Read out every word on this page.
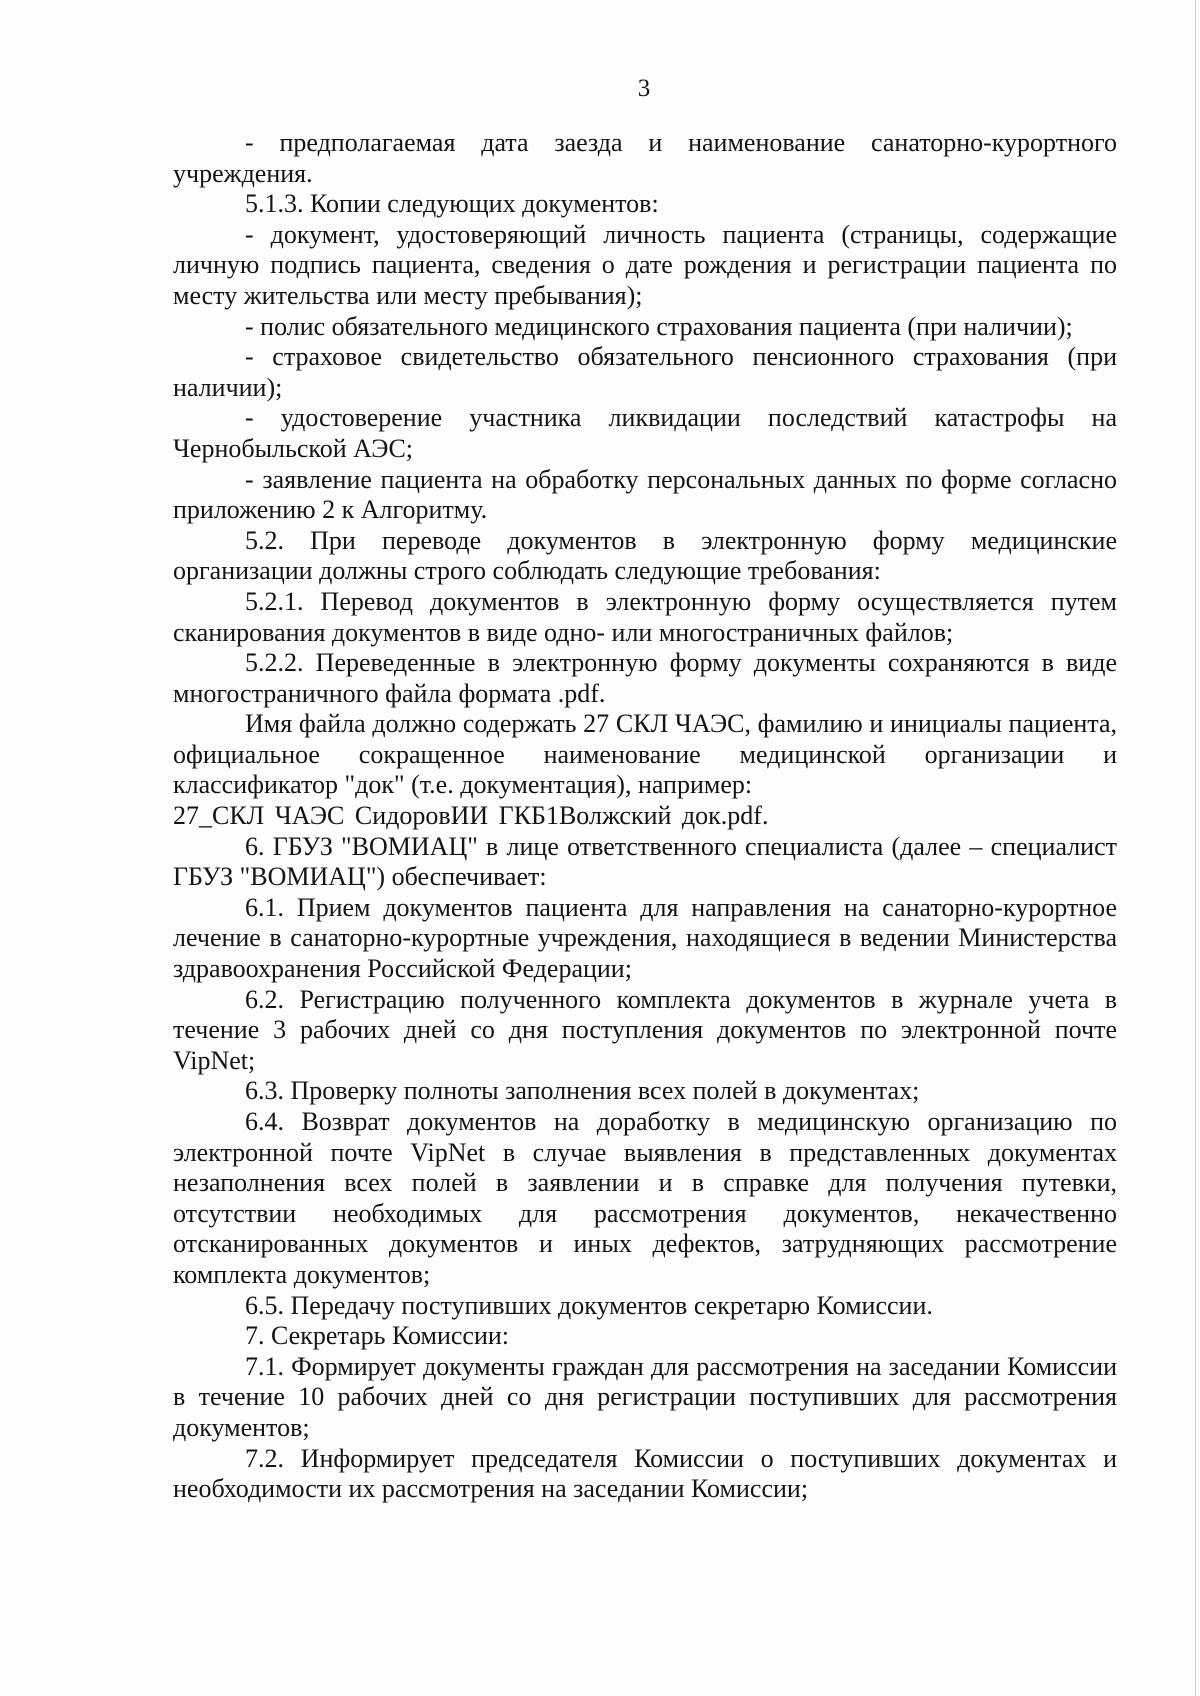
3

- предполагаемая дата заезда и наименование санаторно-курортного учреждения.

5.1.3. Копии следующих документов:

- документ, удостоверяющий личность пациента (страницы, содержащие личную подпись пациента, сведения о дате рождения и регистрации пациента по месту жительства или месту пребывания);

- полис обязательного медицинского страхования пациента (при наличии);

- страховое свидетельство обязательного пенсионного страхования (при наличии);

- удостоверение участника ликвидации последствий катастрофы на Чернобыльской АЭС;

- заявление пациента на обработку персональных данных по форме согласно приложению 2 к Алгоритму.

5.2. При переводе документов в электронную форму медицинские организации должны строго соблюдать следующие требования:

5.2.1. Перевод документов в электронную форму осуществляется путем сканирования документов в виде одно- или многостраничных файлов;

5.2.2. Переведенные в электронную форму документы сохраняются в виде многостраничного файла формата .pdf.

Имя файла должно содержать 27 СКЛ ЧАЭС, фамилию и инициалы пациента, официальное сокращенное наименование медицинской организации и классификатор "док" (т.е. документация), например:

27_СКЛ ЧАЭС СидоровИИ ГКБ1Волжский док.pdf.

6. ГБУЗ "ВОМИАЦ" в лице ответственного специалиста (далее – специалист ГБУЗ "ВОМИАЦ") обеспечивает:

6.1. Прием документов пациента для направления на санаторно-курортное лечение в санаторно-курортные учреждения, находящиеся в ведении Министерства здравоохранения Российской Федерации;

6.2. Регистрацию полученного комплекта документов в журнале учета в течение 3 рабочих дней со дня поступления документов по электронной почте VipNet;

6.3. Проверку полноты заполнения всех полей в документах;

6.4. Возврат документов на доработку в медицинскую организацию по электронной почте VipNet в случае выявления в представленных документах незаполнения всех полей в заявлении и в справке для получения путевки, отсутствии необходимых для рассмотрения документов, некачественно отсканированных документов и иных дефектов, затрудняющих рассмотрение комплекта документов;

6.5. Передачу поступивших документов секретарю Комиссии.

7. Секретарь Комиссии:

7.1. Формирует документы граждан для рассмотрения на заседании Комиссии в течение 10 рабочих дней со дня регистрации поступивших для рассмотрения документов;

7.2. Информирует председателя Комиссии о поступивших документах и необходимости их рассмотрения на заседании Комиссии;
